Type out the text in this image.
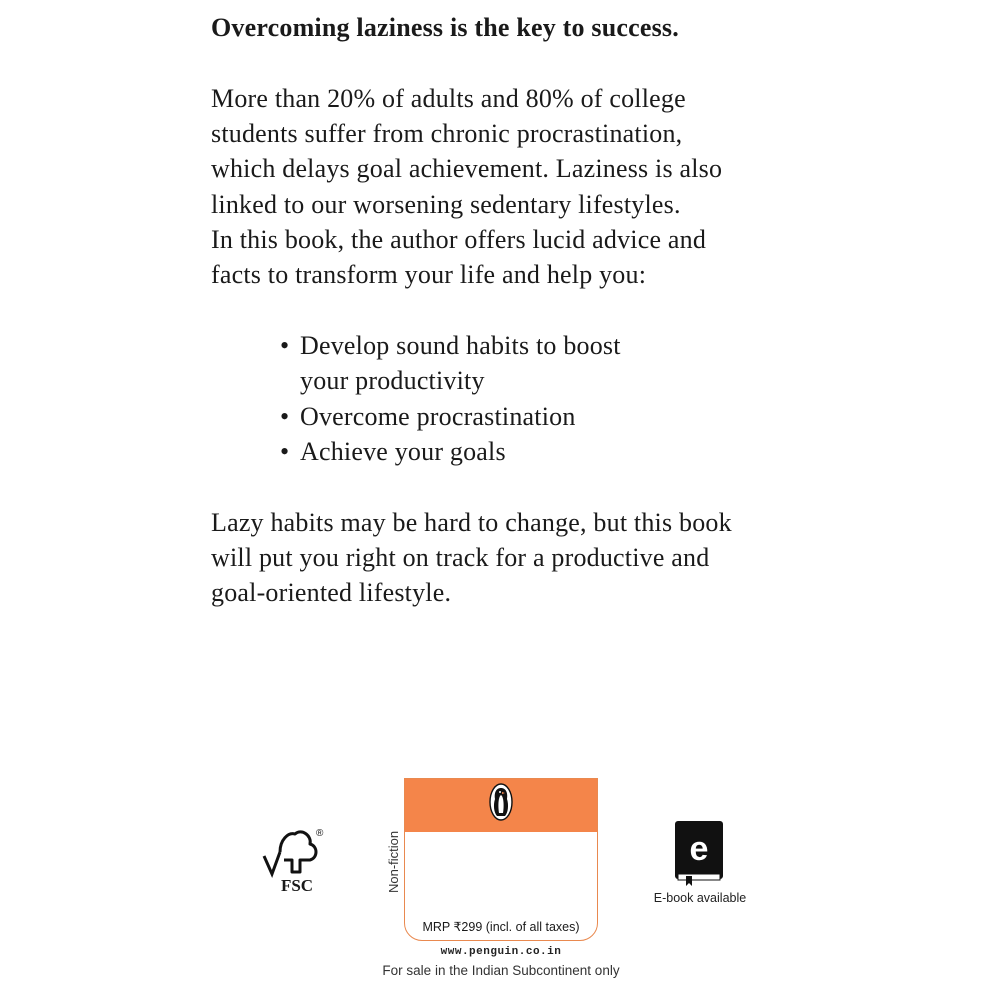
Overcoming laziness is the key to success.

More than 20% of adults and 80% of college
students suffer from chronic procrastination,
which delays goal achievement. Laziness is also
linked to our worsening sedentary lifestyles.
In this book, the author offers lucid advice and
facts to transform your life and help you:

• Develop sound habits to boost
your productivity
• Overcome procrastination
• Achieve your goals

Lazy habits may be hard to change, but this book
will put you right on track for a productive and
goal-oriented lifestyle.

®
FSC	Non-fiction
MRP ₹299 (incl. of all taxes)
www.penguin.co.in
For sale in the Indian Subcontinent only
e
E-book available
